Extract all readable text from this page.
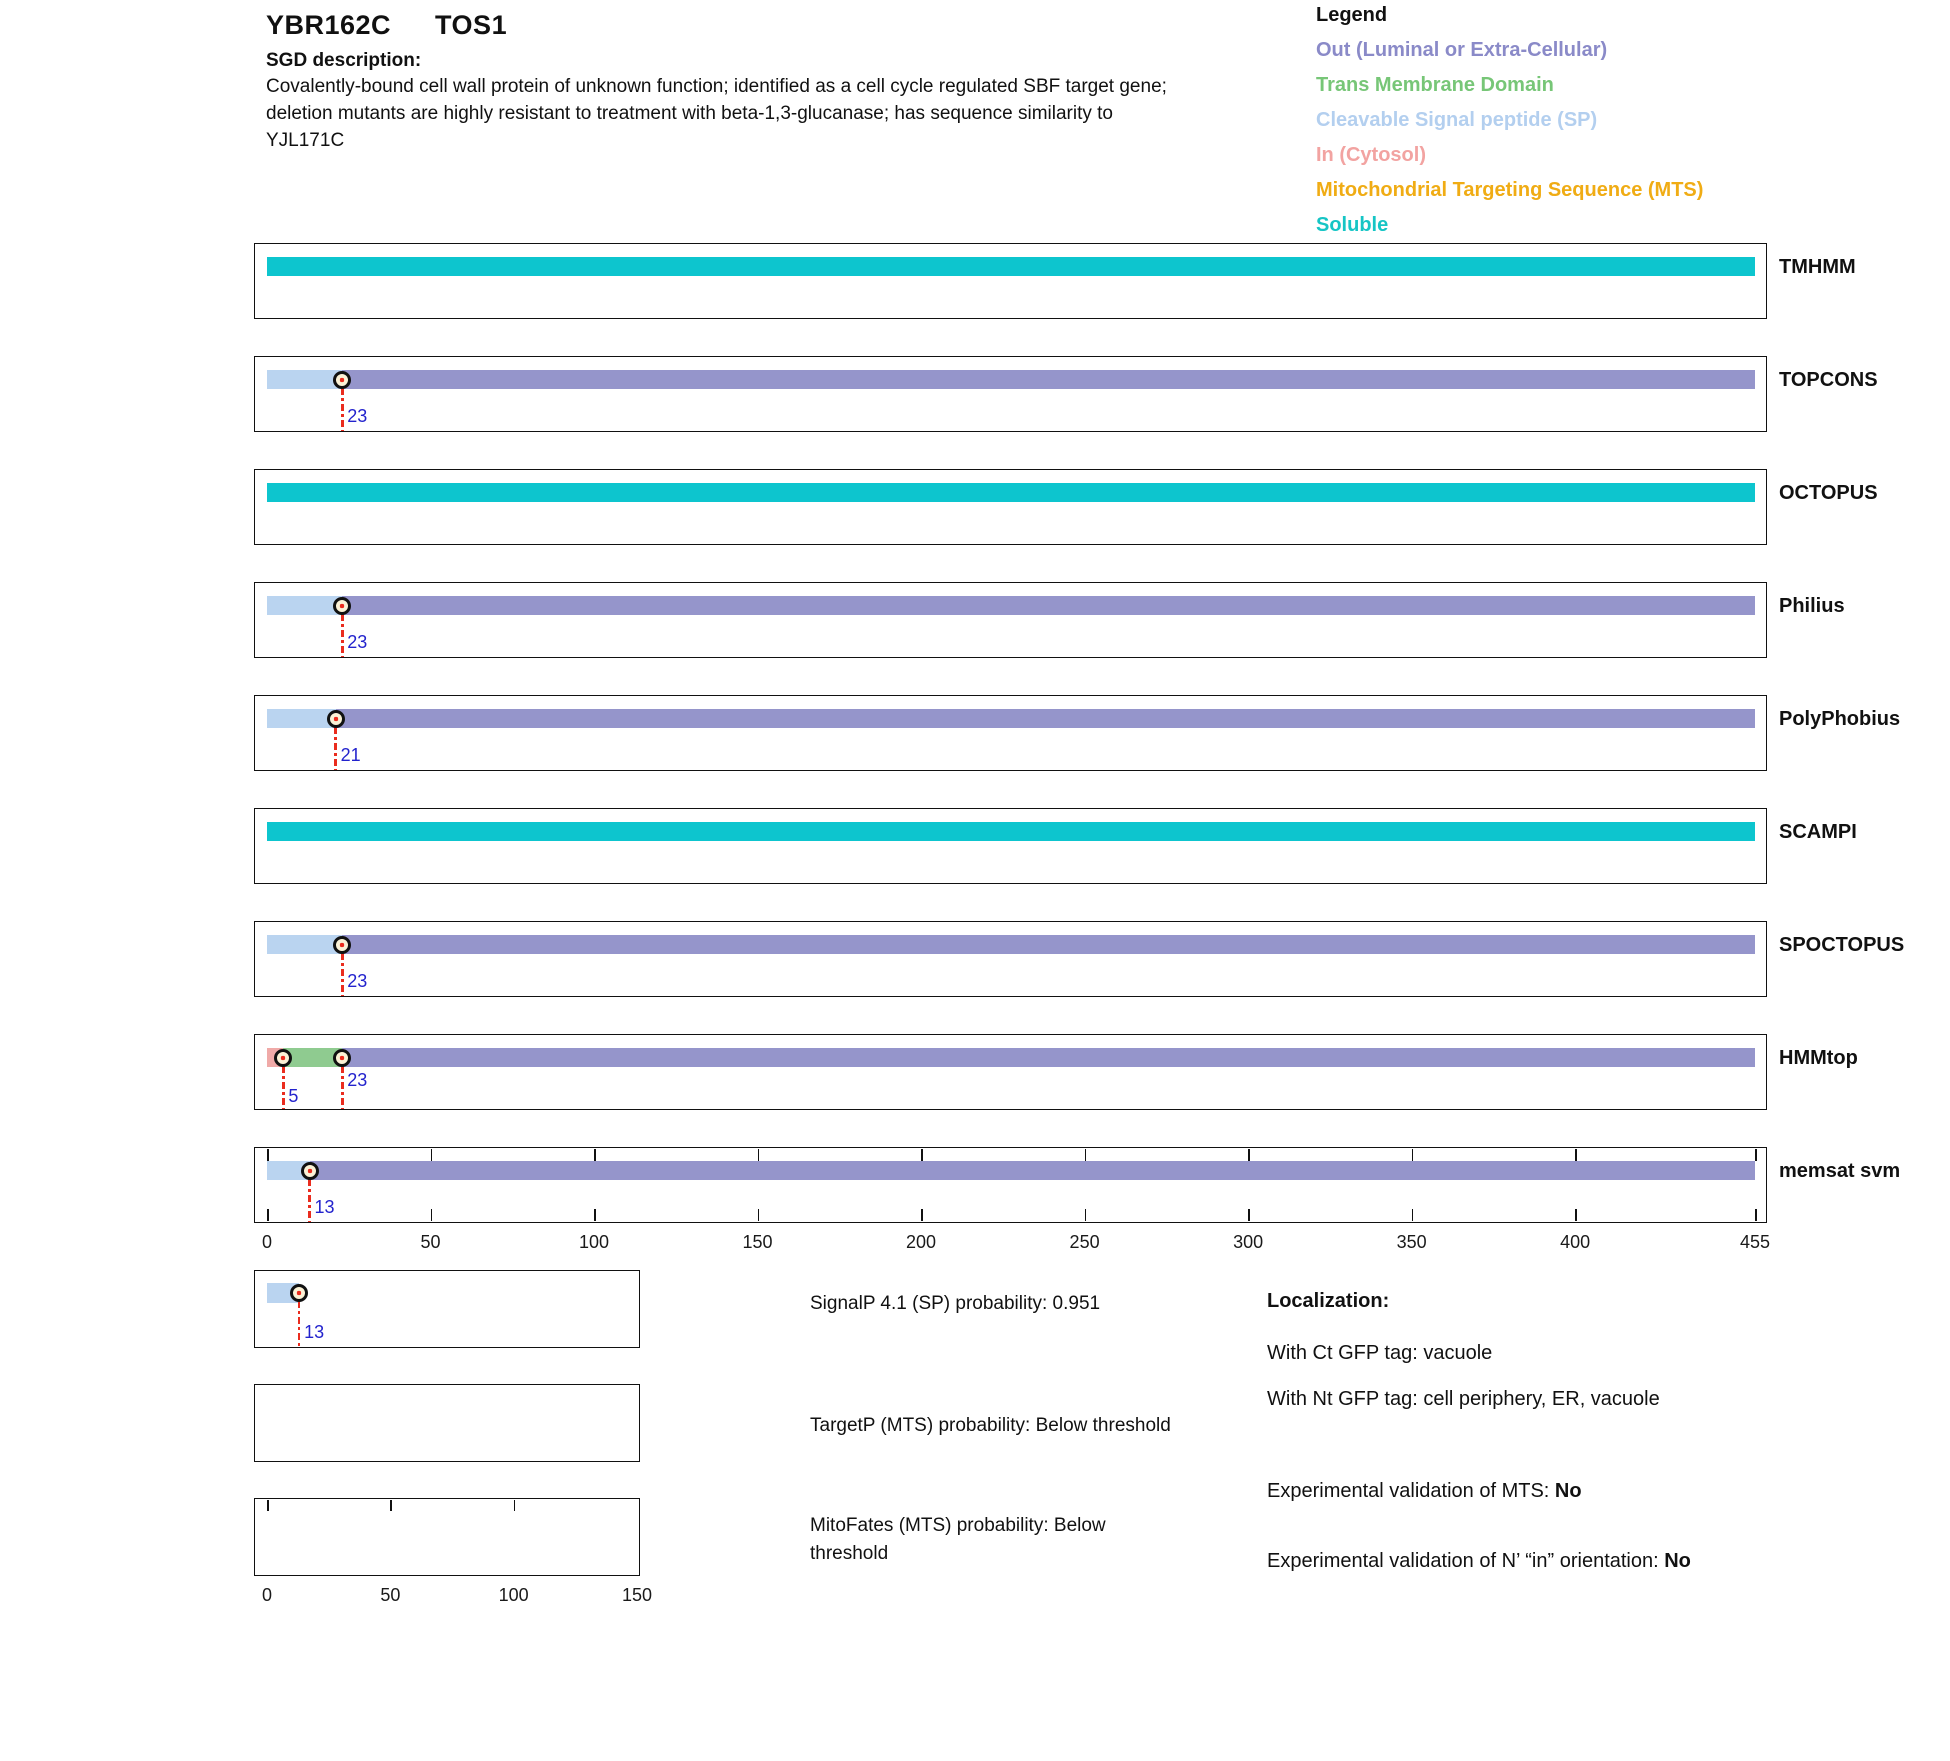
YBR162C  TOS1
SGD description:
Covalently-bound cell wall protein of unknown function; identified as a cell cycle regulated SBF target gene;
deletion mutants are highly resistant to treatment with beta-1,3-glucanase; has sequence similarity to
YJL171C
Legend
Out (Luminal or Extra-Cellular)
Trans Membrane Domain
Cleavable Signal peptide (SP)
In (Cytosol)
Mitochondrial Targeting Sequence (MTS)
Soluble
TMHMM
23
TOPCONS
OCTOPUS
23
Philius
21
PolyPhobius
SCAMPI
23
SPOCTOPUS
5
23
HMMtop
13
memsat svm
0	50	100	150	200	250	300	350	400	455
13
SignalP 4.1 (SP) probability: 0.951
TargetP (MTS) probability: Below threshold
0	50	100	150
MitoFates (MTS) probability: Below threshold
Localization:
With Ct GFP tag: vacuole
With Nt GFP tag: cell periphery, ER, vacuole
Experimental validation of MTS: No
Experimental validation of N’ “in” orientation: No
